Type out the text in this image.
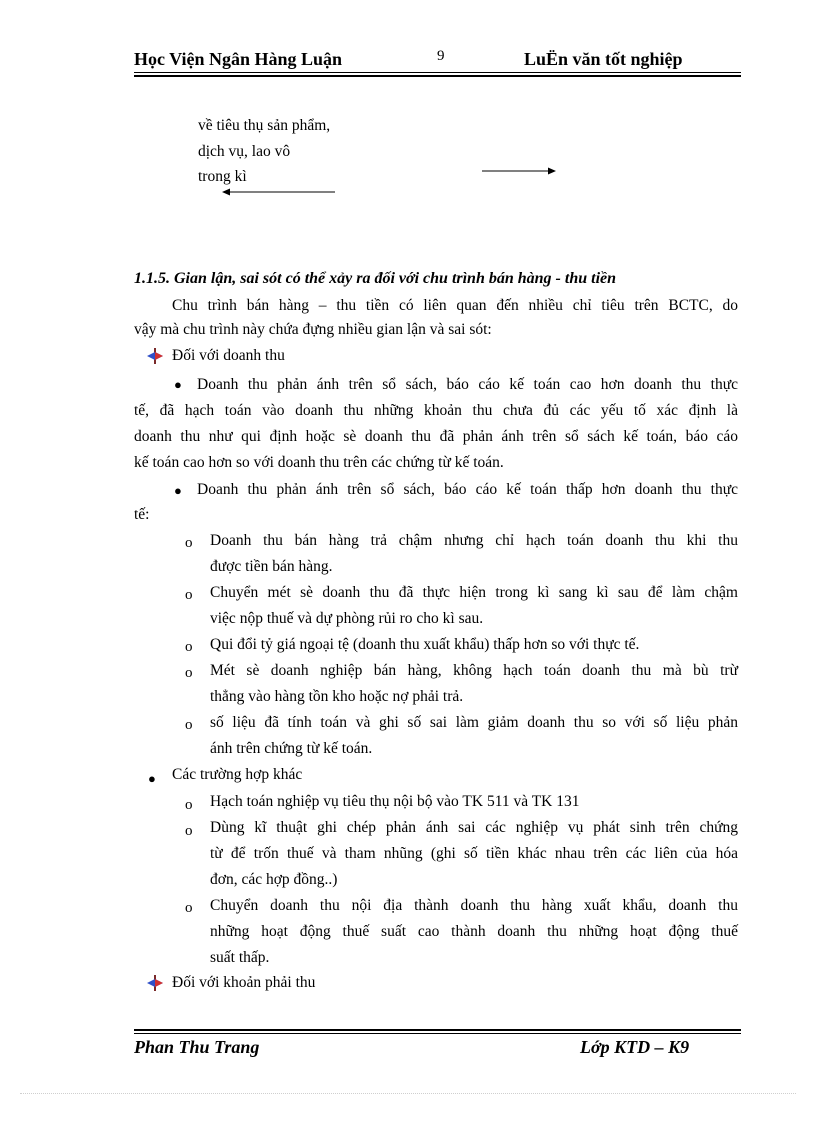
Học Viện Ngân Hàng Luận	9	LuËn văn tốt nghiệp
về tiêu thụ sản phẩm,
dịch vụ, lao vô
trong kì
1.1.5. Gian lận, sai sót có thể xảy ra đối với chu trình bán hàng - thu tiền
Chu trình bán hàng – thu tiền có liên quan đến nhiều chỉ tiêu trên BCTC, do
vậy mà chu trình này chứa đựng nhiều gian lận và sai sót:
Đối với doanh thu
● Doanh thu phản ánh trên sổ sách, báo cáo kế toán cao hơn doanh thu thực
tế, đã hạch toán vào doanh thu những khoản thu chưa đủ các yếu tố xác định là
doanh thu như qui định hoặc sè doanh thu đã phản ánh trên sổ sách kế toán, báo cáo
kế toán cao hơn so với doanh thu trên các chứng từ kế toán.
● Doanh thu phản ánh trên sổ sách, báo cáo kế toán thấp hơn doanh thu thực
tế:
o Doanh thu bán hàng trả chậm nhưng chỉ hạch toán doanh thu khi thu
được tiền bán hàng.
o Chuyển mét sè doanh thu đã thực hiện trong kì sang kì sau để làm chậm
việc nộp thuế và dự phòng rủi ro cho kì sau.
o Qui đổi tỷ giá ngoại tệ (doanh thu xuất khẩu) thấp hơn so với thực tế.
o Mét sè doanh nghiệp bán hàng, không hạch toán doanh thu mà bù trừ
thẳng vào hàng tồn kho hoặc nợ phải trả.
o số liệu đã tính toán và ghi số sai làm giảm doanh thu so với số liệu phản
ánh trên chứng từ kế toán.
● Các trường hợp khác
o Hạch toán nghiệp vụ tiêu thụ nội bộ vào TK 511 và TK 131
o Dùng kĩ thuật ghi chép phản ánh sai các nghiệp vụ phát sinh trên chứng
từ để trốn thuế và tham nhũng (ghi số tiền khác nhau trên các liên của hóa
đơn, các hợp đồng..)
o Chuyển doanh thu nội địa thành doanh thu hàng xuất khẩu, doanh thu
những hoạt động thuế suất cao thành doanh thu những hoạt động thuế
suất thấp.
Đối với khoản phải thu
Phan Thu Trang	Lớp KTD – K9
